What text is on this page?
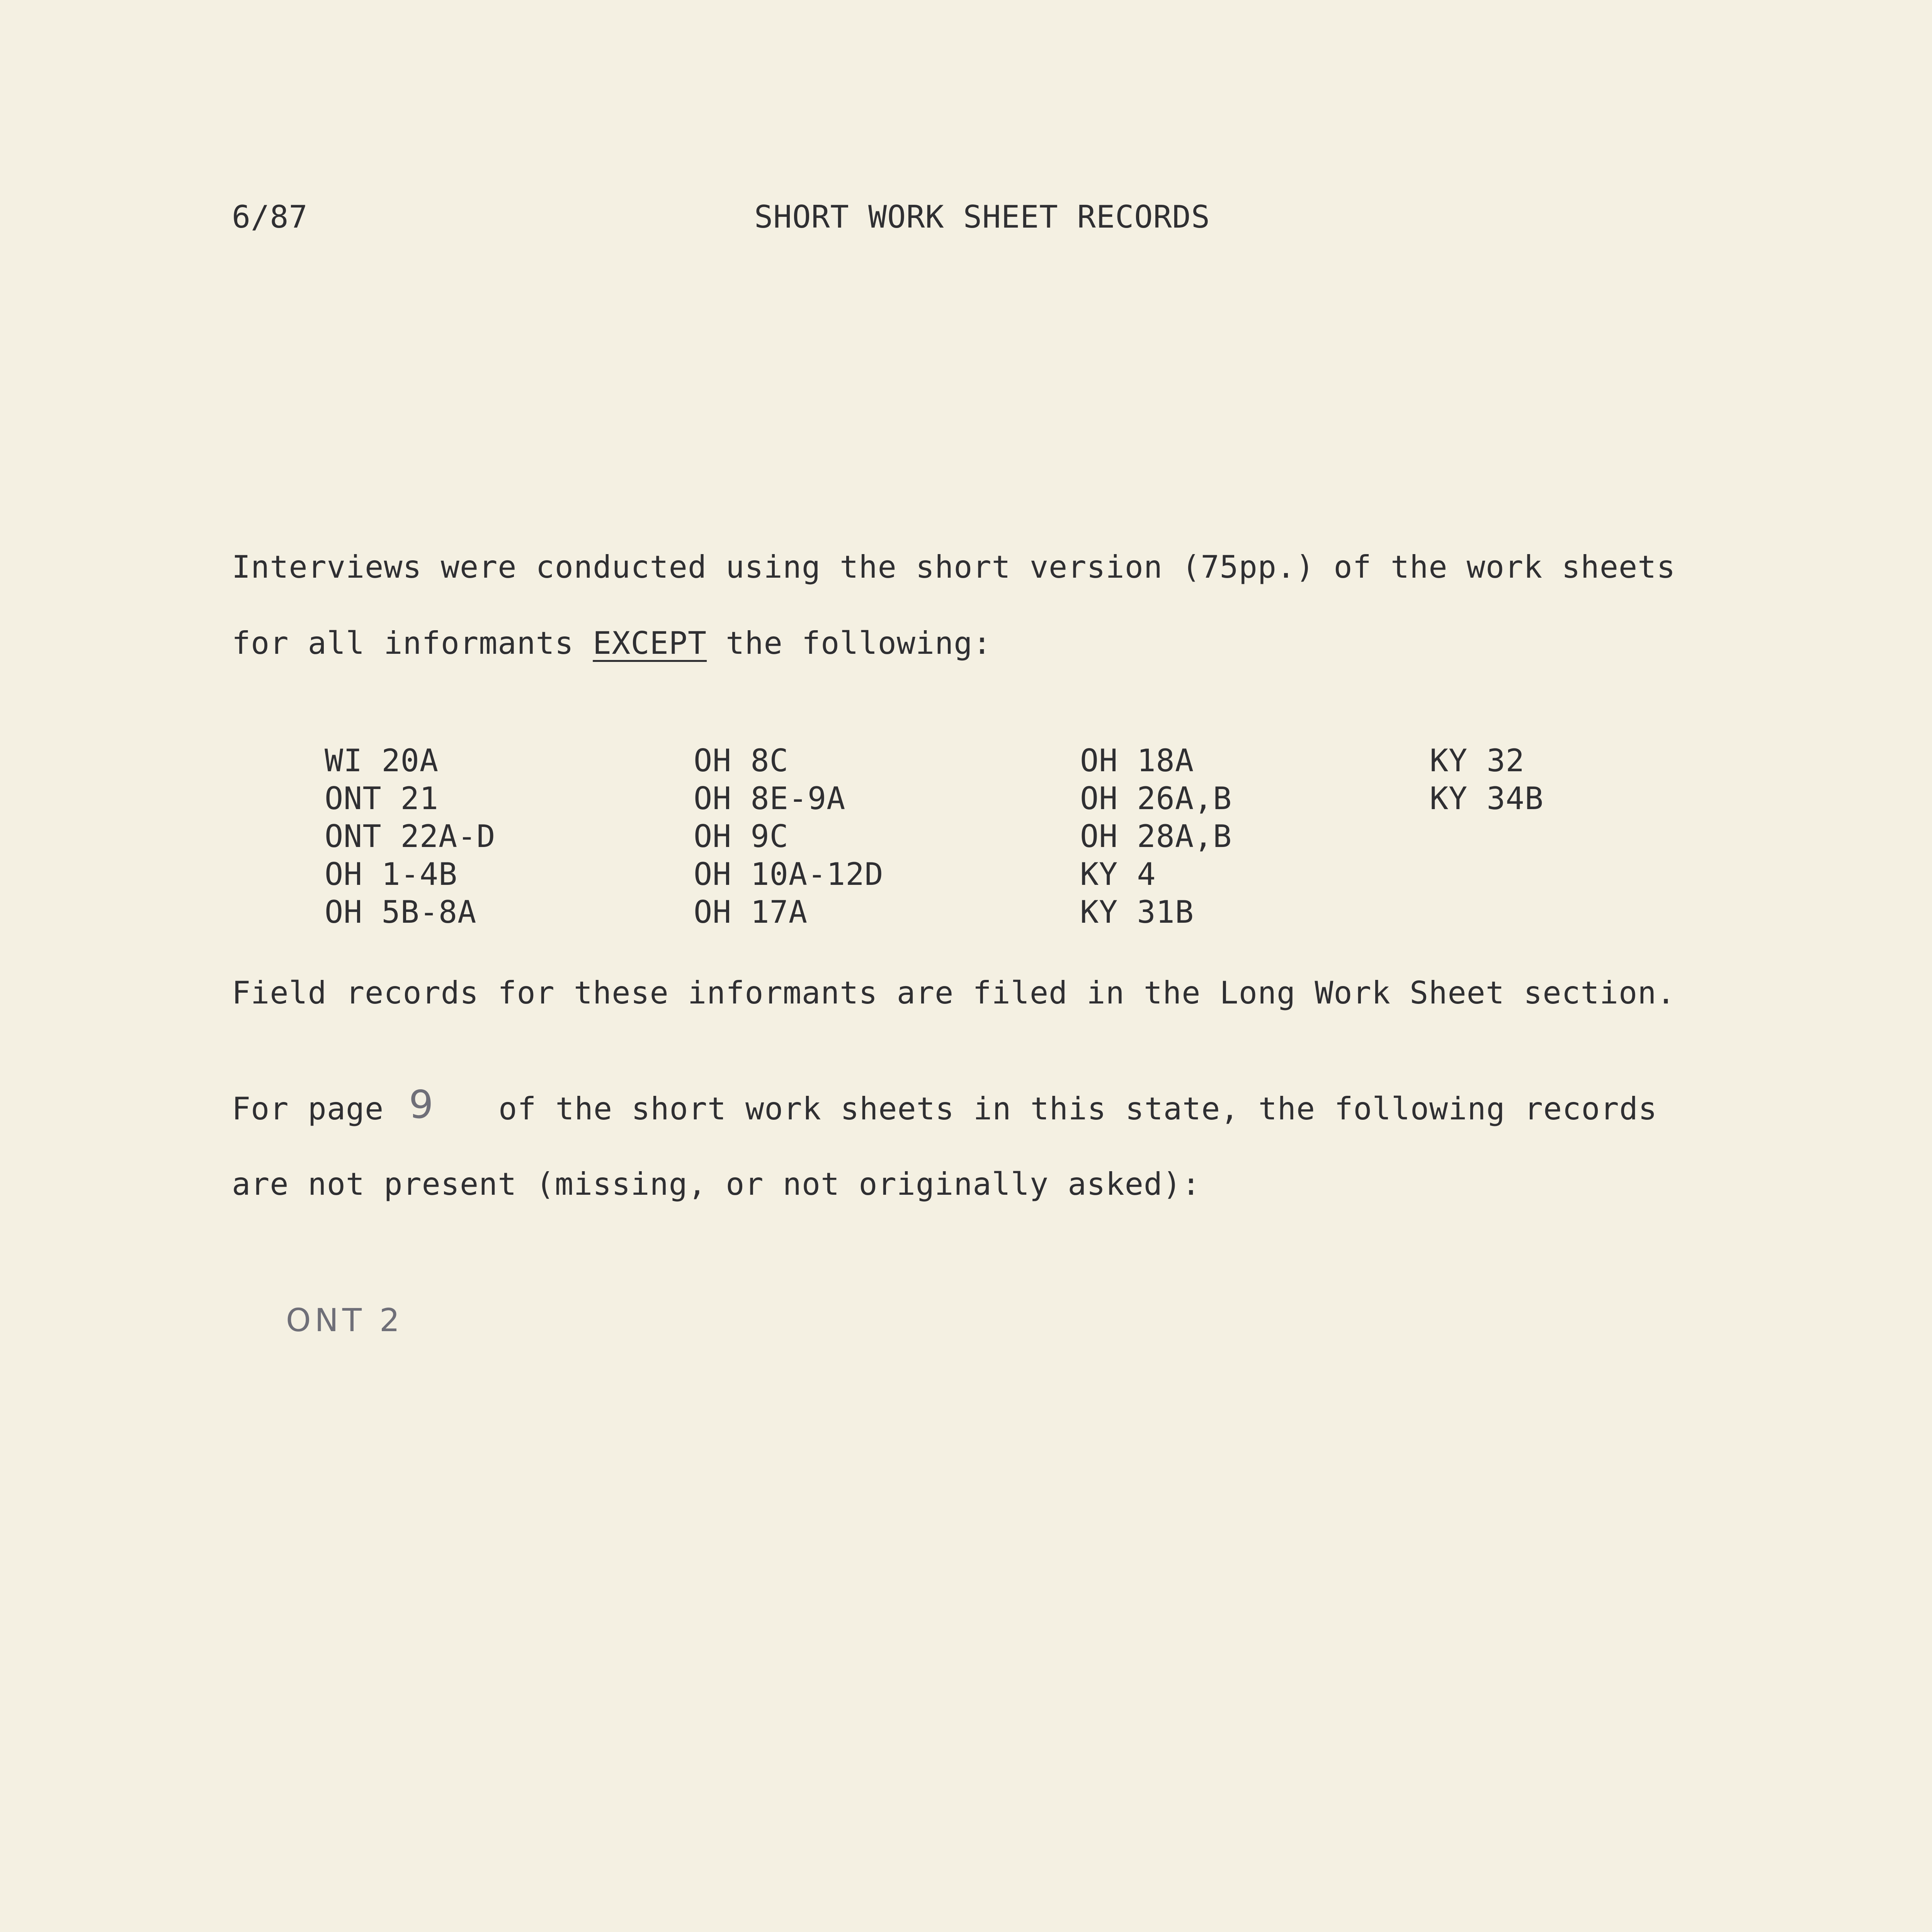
6/87	SHORT WORK SHEET RECORDS
Interviews were conducted using the short version (75pp.) of the work sheets
for all informants EXCEPT the following:
WI 20A
ONT 21
ONT 22A-D
OH 1-4B
OH 5B-8A
OH 8C
OH 8E-9A
OH 9C
OH 10A-12D
OH 17A
OH 18A
OH 26A,B
OH 28A,B
KY 4
KY 31B
KY 32
KY 34B
Field records for these informants are filed in the Long Work Sheet section.
For page 9 of the short work sheets in this state, the following records
are not present (missing, or not originally asked):
ONT 2
